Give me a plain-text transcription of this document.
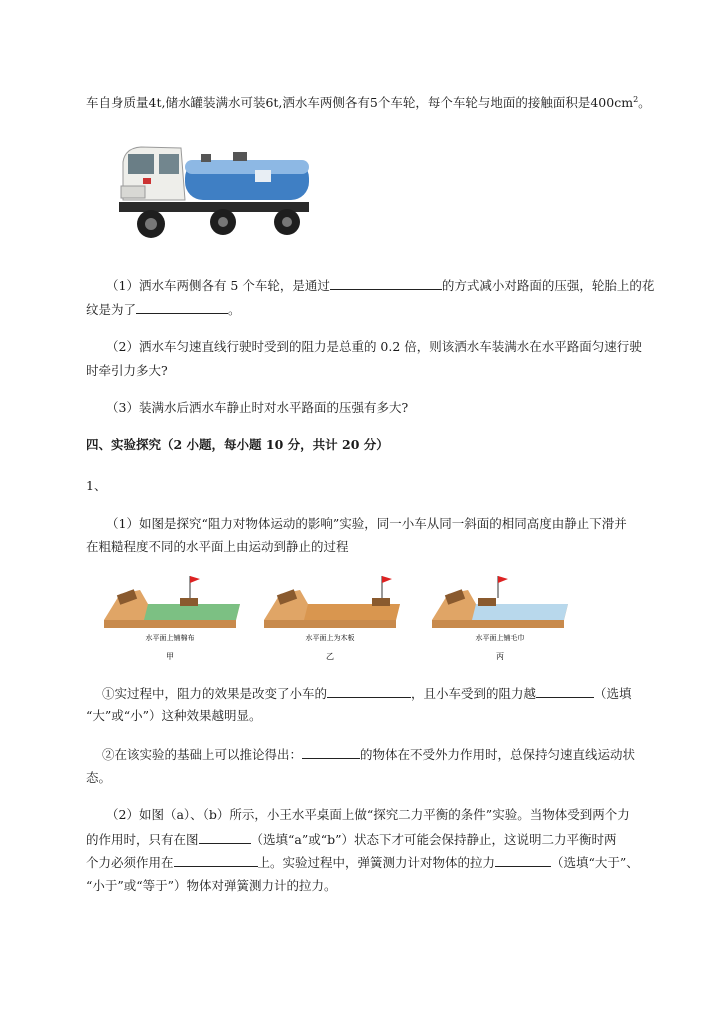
车自身质量4t,储水罐装满水可装6t,洒水车两侧各有5个车轮，每个车轮与地面的接触面积是$400cm^2$。
（1）洒水车两侧各有 5 个车轮，是通过	的方式减小对路面的压强，轮胎上的花
纹是为了	。
（2）洒水车匀速直线行驶时受到的阻力是总重的 0.2 倍，则该洒水车装满水在水平路面匀速行驶
时牵引力多大?
（3）装满水后洒水车静止时对水平路面的压强有多大?
四、实验探究（2 小题，每小题 10 分，共计 20 分）
1、
（1）如图是探究“阻力对物体运动的影响”实验，同一小车从同一斜面的相同高度由静止下滑并
在粗糙程度不同的水平面上由运动到静止的过程
水平面上铺棉布
甲
水平面上为木板
乙
水平面上铺毛巾
丙
①实过程中，阻力的效果是改变了小车的	，且小车受到的阻力越	（选填
“大”或“小”）这种效果越明显。
②在该实验的基础上可以推论得出：	的物体在不受外力作用时，总保持匀速直线运动状
态。
（2）如图（a）、（b）所示，小王水平桌面上做“探究二力平衡的条件”实验。当物体受到两个力
的作用时，只有在图	（选填“a”或“b”）状态下才可能会保持静止，这说明二力平衡时两
个力必须作用在	上。实验过程中，弹簧测力计对物体的拉力	（选填“大于”、
“小于”或“等于”）物体对弹簧测力计的拉力。
